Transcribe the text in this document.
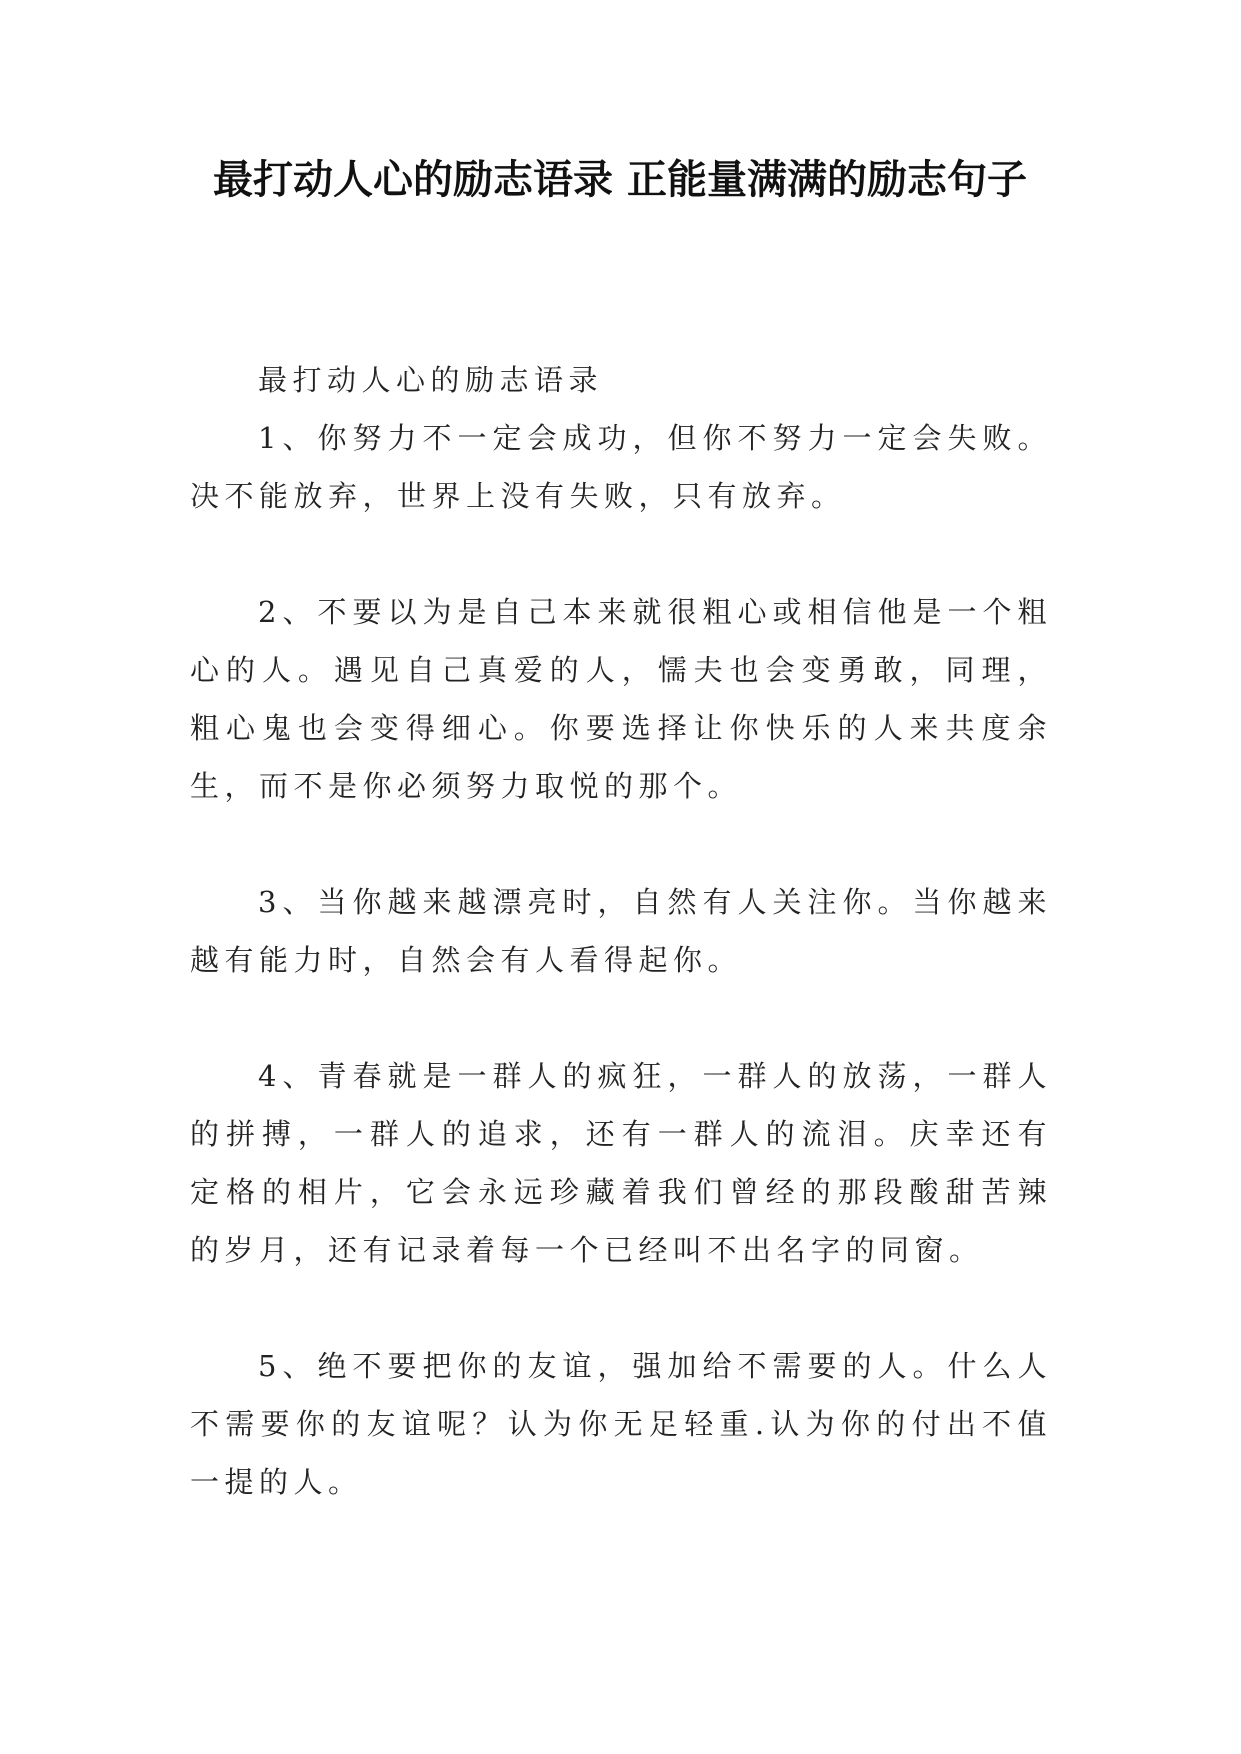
最打动人心的励志语录 正能量满满的励志句子

最打动人心的励志语录

1、你努力不一定会成功，但你不努力一定会失败。决不能放弃，世界上没有失败，只有放弃。

2、不要以为是自己本来就很粗心或相信他是一个粗心的人。遇见自己真爱的人，懦夫也会变勇敢，同理，粗心鬼也会变得细心。你要选择让你快乐的人来共度余生，而不是你必须努力取悦的那个。

3、当你越来越漂亮时，自然有人关注你。当你越来越有能力时，自然会有人看得起你。

4、青春就是一群人的疯狂，一群人的放荡，一群人的拼搏，一群人的追求，还有一群人的流泪。庆幸还有定格的相片，它会永远珍藏着我们曾经的那段酸甜苦辣的岁月，还有记录着每一个已经叫不出名字的同窗。

5、绝不要把你的友谊，强加给不需要的人。什么人不需要你的友谊呢？认为你无足轻重.认为你的付出不值一提的人。
